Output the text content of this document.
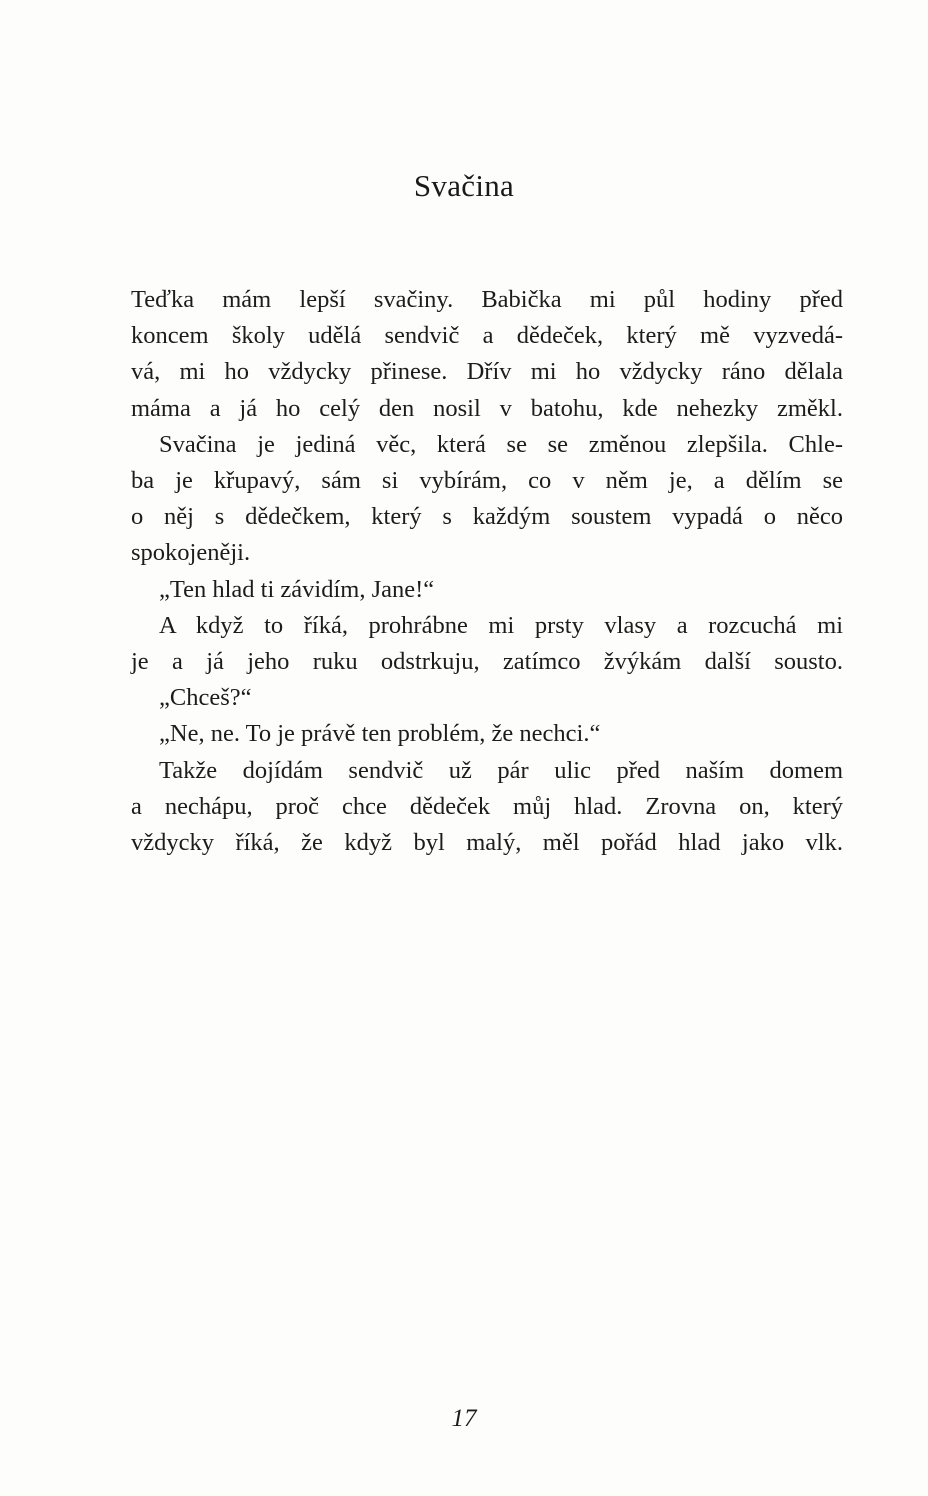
Svačina
Teďka mám lepší svačiny. Babička mi půl hodiny před
koncem školy udělá sendvič a dědeček, který mě vyzvedá-
vá, mi ho vždycky přinese. Dřív mi ho vždycky ráno dělala
máma a já ho celý den nosil v batohu, kde nehezky změkl.
Svačina je jediná věc, která se se změnou zlepšila. Chle-
ba je křupavý, sám si vybírám, co v něm je, a dělím se
o něj s dědečkem, který s každým soustem vypadá o něco
spokojeněji.
„Ten hlad ti závidím, Jane!“
A když to říká, prohrábne mi prsty vlasy a rozcuchá mi
je a já jeho ruku odstrkuju, zatímco žvýkám další sousto.
„Chceš?“
„Ne, ne. To je právě ten problém, že nechci.“
Takže dojídám sendvič už pár ulic před naším domem
a nechápu, proč chce dědeček můj hlad. Zrovna on, který
vždycky říká, že když byl malý, měl pořád hlad jako vlk.
17
